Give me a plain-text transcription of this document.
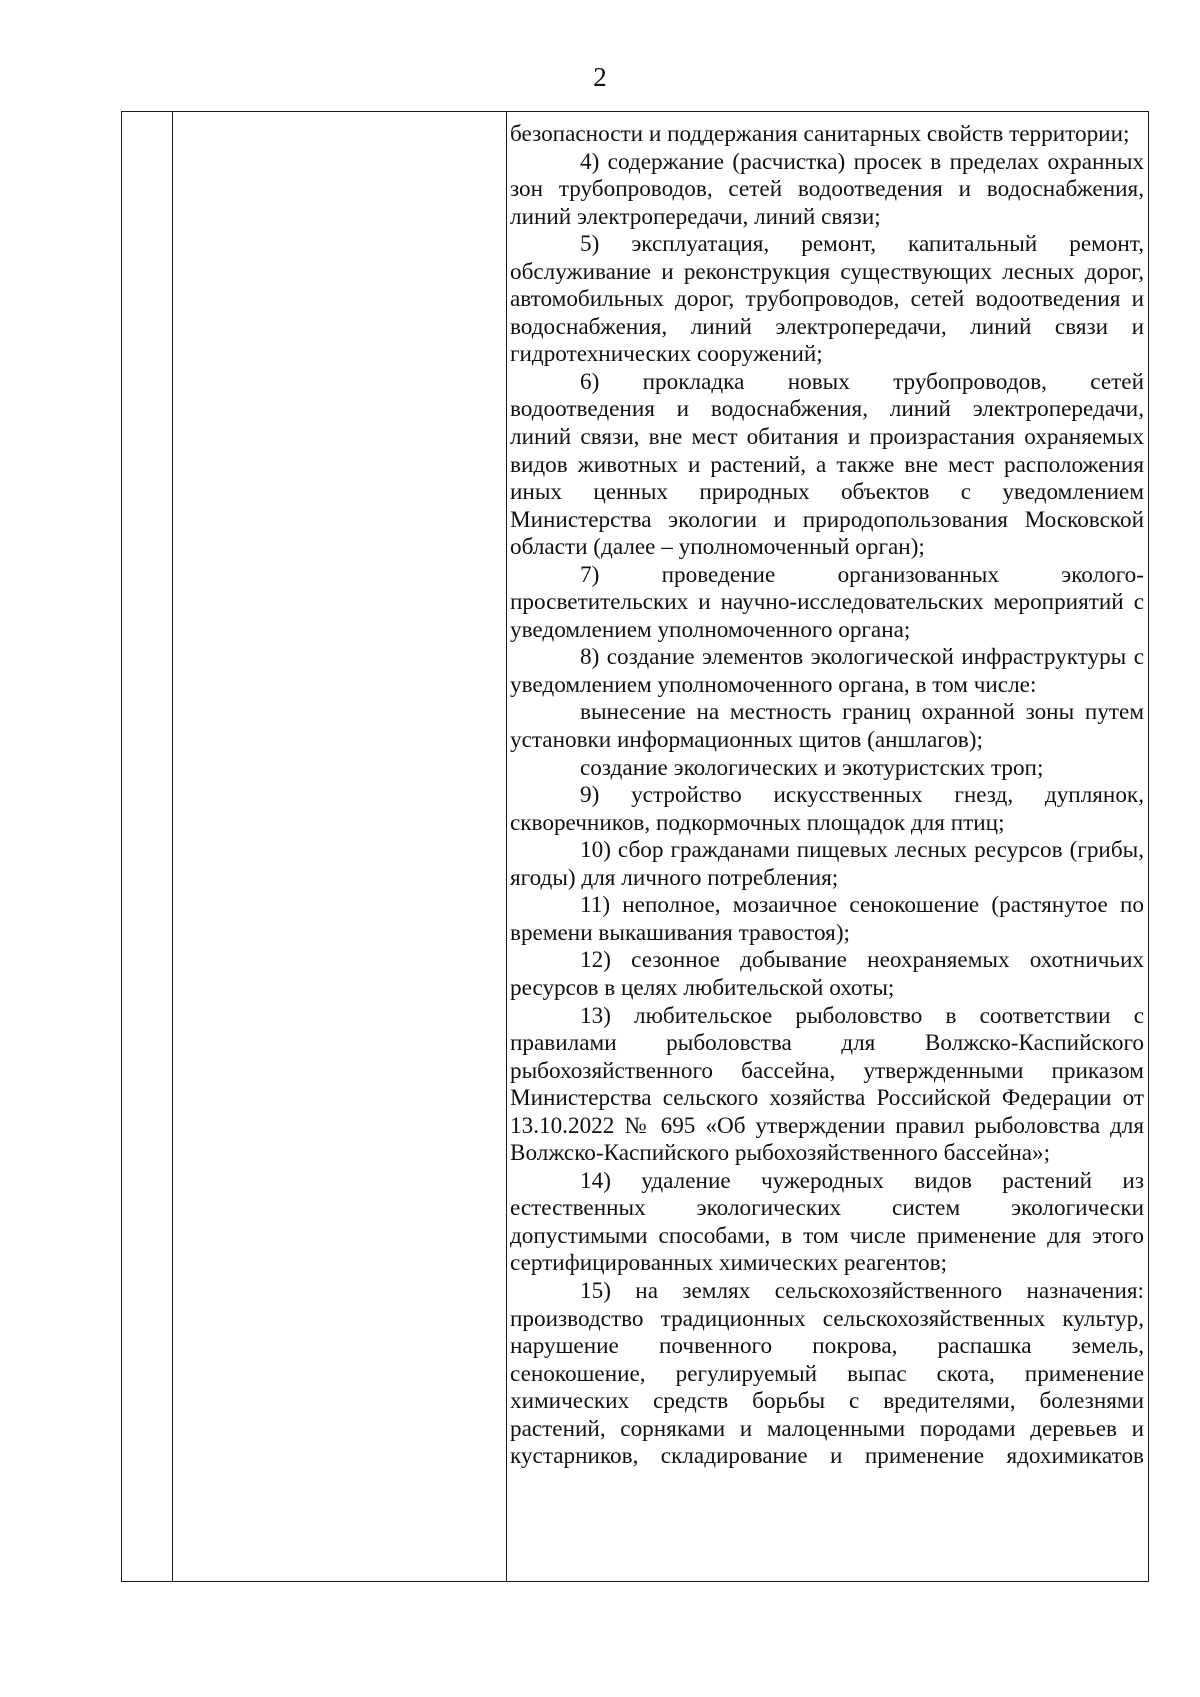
2

безопасности и поддержания санитарных свойств территории;

4) содержание (расчистка) просек в пределах охранных зон трубопроводов, сетей водоотведения и водоснабжения, линий электропередачи, линий связи;

5) эксплуатация, ремонт, капитальный ремонт, обслуживание и реконструкция существующих лесных дорог, автомобильных дорог, трубопроводов, сетей водоотведения и водоснабжения, линий электропередачи, линий связи и гидротехнических сооружений;

6) прокладка новых трубопроводов, сетей водоотведения и водоснабжения, линий электропередачи, линий связи, вне мест обитания и произрастания охраняемых видов животных и растений, а также вне мест расположения иных ценных природных объектов с уведомлением Министерства экологии и природопользования Московской области (далее – уполномоченный орган);

7) проведение организованных эколого-просветительских и научно-исследовательских мероприятий с уведомлением уполномоченного органа;

8) создание элементов экологической инфраструктуры с уведомлением уполномоченного органа, в том числе:

вынесение на местность границ охранной зоны путем установки информационных щитов (аншлагов);

создание экологических и экотуристских троп;

9) устройство искусственных гнезд, дуплянок, скворечников, подкормочных площадок для птиц;

10) сбор гражданами пищевых лесных ресурсов (грибы, ягоды) для личного потребления;

11) неполное, мозаичное сенокошение (растянутое по времени выкашивания травостоя);

12) сезонное добывание неохраняемых охотничьих ресурсов в целях любительской охоты;

13) любительское рыболовство в соответствии с правилами рыболовства для Волжско-Каспийского рыбохозяйственного бассейна, утвержденными приказом Министерства сельского хозяйства Российской Федерации от 13.10.2022 № 695 «Об утверждении правил рыболовства для Волжско-Каспийского рыбохозяйственного бассейна»;

14) удаление чужеродных видов растений из естественных экологических систем экологически допустимыми способами, в том числе применение для этого сертифицированных химических реагентов;

15) на землях сельскохозяйственного назначения: производство традиционных сельскохозяйственных культур, нарушение почвенного покрова, распашка земель, сенокошение, регулируемый выпас скота, применение химических средств борьбы с вредителями, болезнями растений, сорняками и малоценными породами деревьев и кустарников, складирование и применение ядохимикатов
